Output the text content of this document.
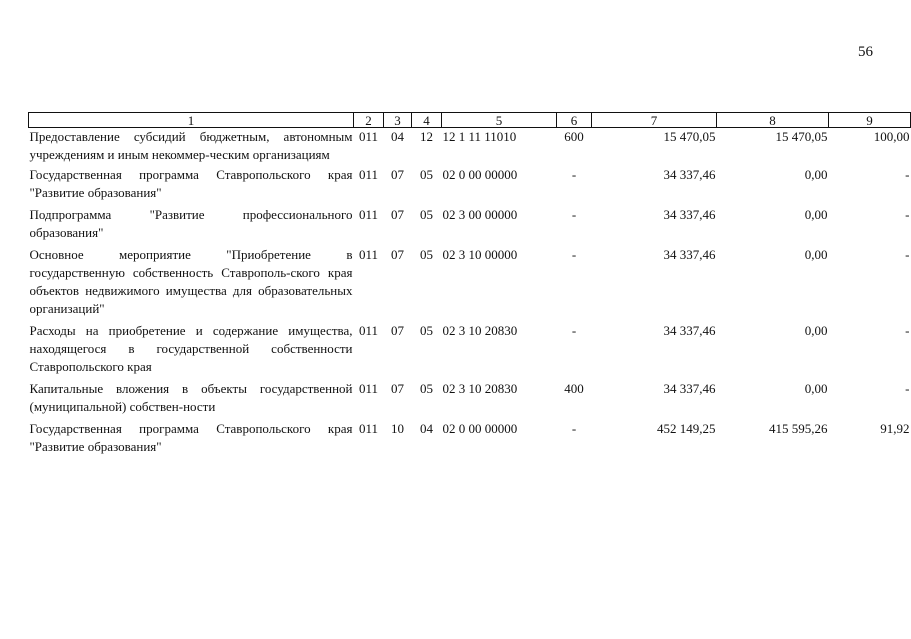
56
1	2	3	4	5	6	7	8	9
Предоставление субсидий бюджетным, автономным учреждениям и иным некоммер-ческим организациям	011	04	12	12 1 11 11010	600	15 470,05	15 470,05	100,00
Государственная программа Ставропольского края "Развитие образования"	011	07	05	02 0 00 00000	-	34 337,46	0,00	-
Подпрограмма "Развитие профессионального образования"	011	07	05	02 3 00 00000	-	34 337,46	0,00	-
Основное мероприятие "Приобретение в государственную собственность Ставрополь-ского края объектов недвижимого имущества для образовательных организаций"	011	07	05	02 3 10 00000	-	34 337,46	0,00	-
Расходы на приобретение и содержание имущества, находящегося в государственной собственности Ставропольского края	011	07	05	02 3 10 20830	-	34 337,46	0,00	-
Капитальные вложения в объекты государственной (муниципальной) собствен-ности	011	07	05	02 3 10 20830	400	34 337,46	0,00	-
Государственная программа Ставропольского края "Развитие образования"	011	10	04	02 0 00 00000	-	452 149,25	415 595,26	91,92
